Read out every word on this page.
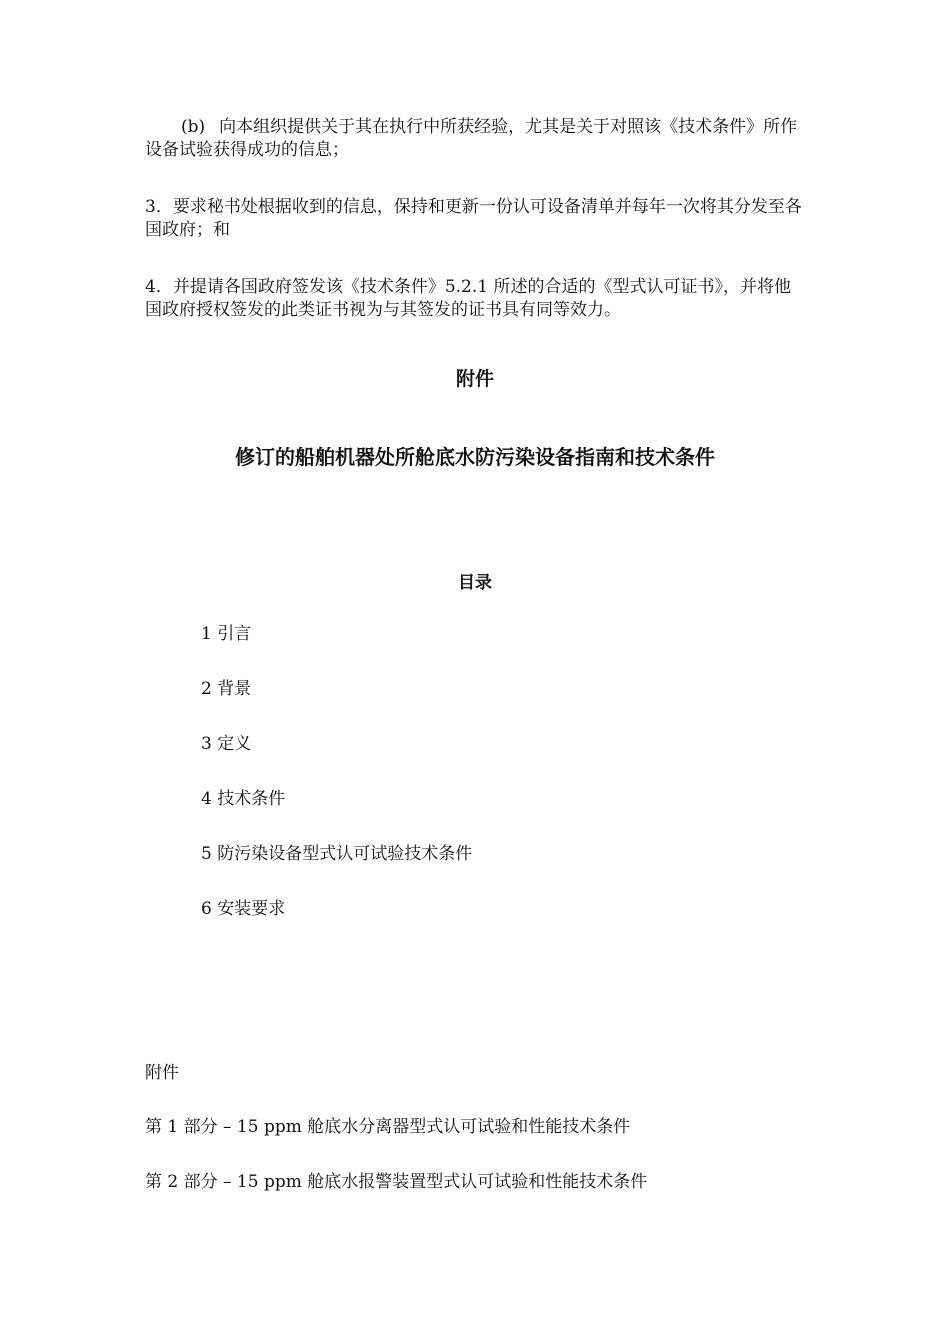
(b) 向本组织提供关于其在执行中所获经验，尤其是关于对照该《技术条件》所作设备试验获得成功的信息；

3．要求秘书处根据收到的信息，保持和更新一份认可设备清单并每年一次将其分发至各国政府；和

4．并提请各国政府签发该《技术条件》5.2.1 所述的合适的《型式认可证书》，并将他国政府授权签发的此类证书视为与其签发的证书具有同等效力。

附件
修订的船舶机器处所舱底水防污染设备指南和技术条件
目录
1 引言
2 背景
3 定义
4 技术条件
5 防污染设备型式认可试验技术条件
6 安装要求
附件
第 1 部分 – 15 ppm 舱底水分离器型式认可试验和性能技术条件
第 2 部分 – 15 ppm 舱底水报警装置型式认可试验和性能技术条件
